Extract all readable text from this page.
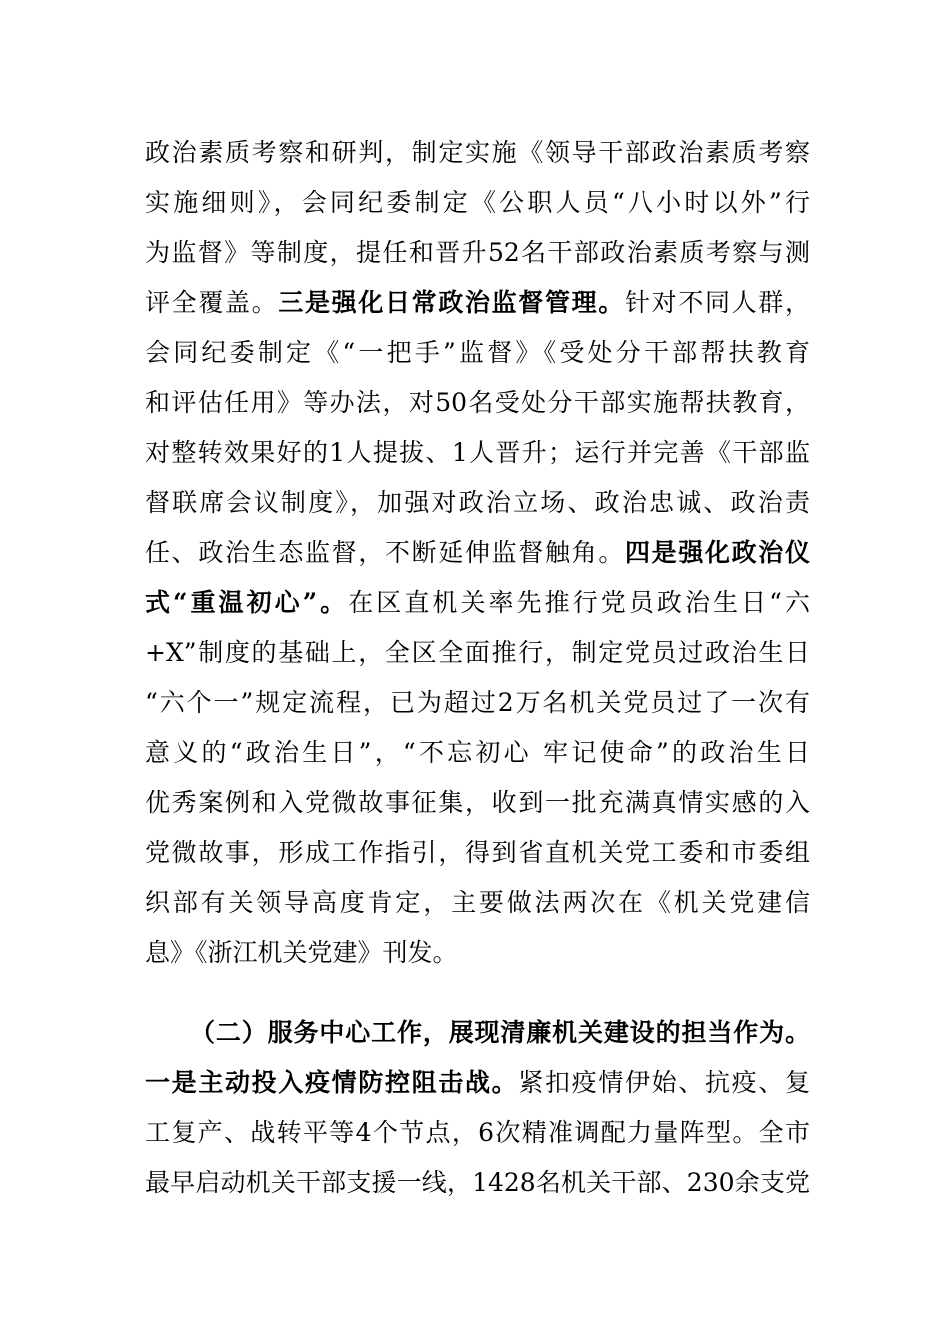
政治素质考察和研判，制定实施《领导干部政治素质考察
实施细则》，会同纪委制定《公职人员“八小时以外”行
为监督》等制度，提任和晋升52名干部政治素质考察与测
评全覆盖。三是强化日常政治监督管理。针对不同人群，
会同纪委制定《“一把手”监督》《受处分干部帮扶教育
和评估任用》等办法，对50名受处分干部实施帮扶教育，
对整转效果好的1人提拔、1人晋升；运行并完善《干部监
督联席会议制度》，加强对政治立场、政治忠诚、政治责
任、政治生态监督，不断延伸监督触角。四是强化政治仪
式“重温初心”。在区直机关率先推行党员政治生日“六
+X”制度的基础上，全区全面推行，制定党员过政治生日
“六个一”规定流程，已为超过2万名机关党员过了一次有
意义的“政治生日”，“不忘初心 牢记使命”的政治生日
优秀案例和入党微故事征集，收到一批充满真情实感的入
党微故事，形成工作指引，得到省直机关党工委和市委组
织部有关领导高度肯定，主要做法两次在《机关党建信
息》《浙江机关党建》刊发。
（二）服务中心工作，展现清廉机关建设的担当作为。
一是主动投入疫情防控阻击战。紧扣疫情伊始、抗疫、复
工复产、战转平等4个节点，6次精准调配力量阵型。全市
最早启动机关干部支援一线，1428名机关干部、230余支党
